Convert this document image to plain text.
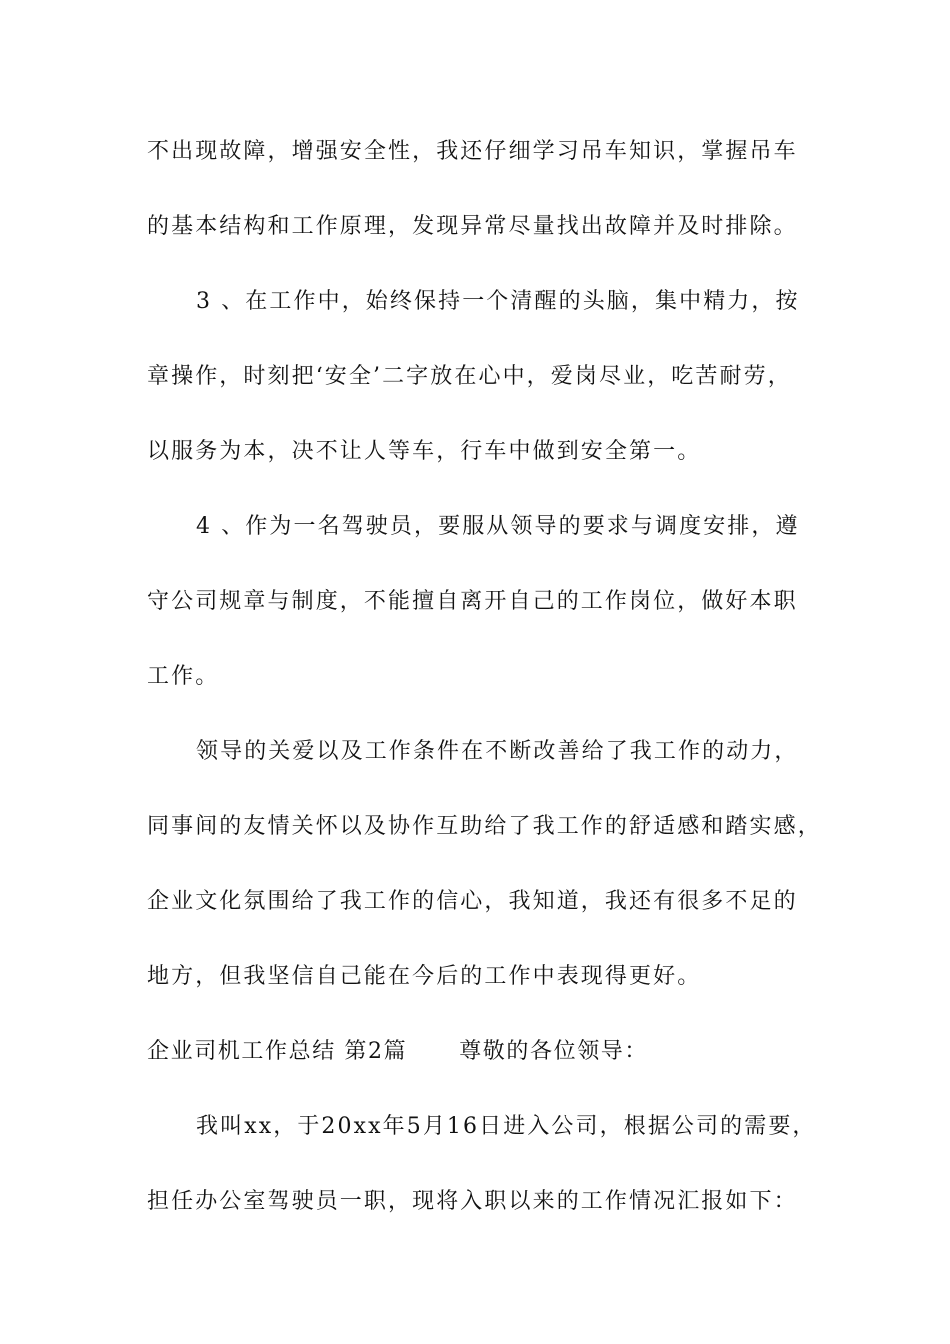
不出现故障，增强安全性，我还仔细学习吊车知识，掌握吊车
的基本结构和工作原理，发现异常尽量找出故障并及时排除。
3 、在工作中，始终保持一个清醒的头脑，集中精力，按
章操作，时刻把‘安全’二字放在心中，爱岗尽业，吃苦耐劳，
以服务为本，决不让人等车，行车中做到安全第一。
4 、作为一名驾驶员，要服从领导的要求与调度安排，遵
守公司规章与制度，不能擅自离开自己的工作岗位，做好本职
工作。
领导的关爱以及工作条件在不断改善给了我工作的动力，
同事间的友情关怀以及协作互助给了我工作的舒适感和踏实感，
企业文化氛围给了我工作的信心，我知道，我还有很多不足的
地方，但我坚信自己能在今后的工作中表现得更好。
企业司机工作总结 第2篇 尊敬的各位领导：
我叫xx，于20xx年5月16日进入公司，根据公司的需要，
担任办公室驾驶员一职，现将入职以来的工作情况汇报如下：
